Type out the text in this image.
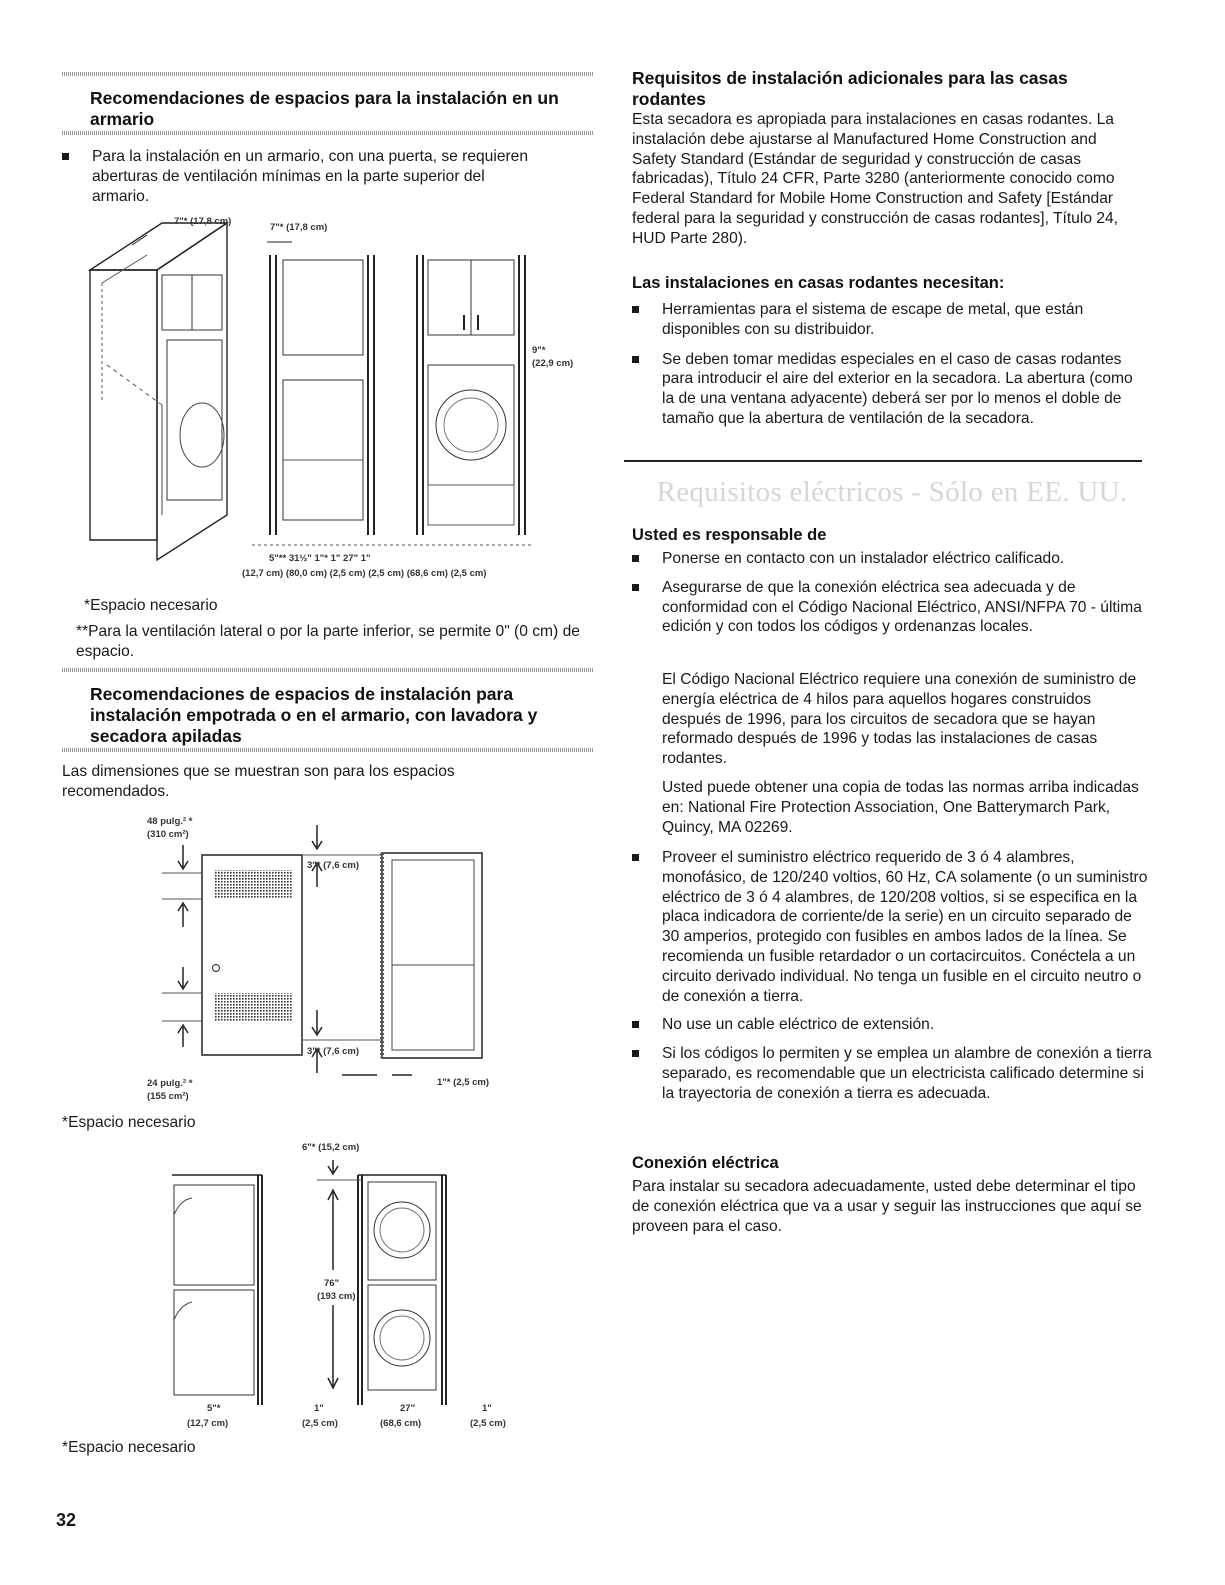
Recomendaciones de espacios para la instalación en un armario
Para la instalación en un armario, con una puerta, se requieren aberturas de ventilación mínimas en la parte superior del armario.
7"* (17,8 cm)
7"* (17,8 cm)
9"*
(22,9 cm)
5"** 31½" 1"* 1" 27" 1"
(12,7 cm) (80,0 cm) (2,5 cm) (2,5 cm) (68,6 cm) (2,5 cm)

*Espacio necesario

**Para la ventilación lateral o por la parte inferior, se permite 0" (0 cm) de espacio.

Recomendaciones de espacios de instalación para instalación empotrada o en el armario, con lavadora y secadora apiladas

Las dimensiones que se muestran son para los espacios recomendados.

48 pulg.² *
(310 cm²)
3"* (7,6 cm)
3"* (7,6 cm)
24 pulg.² *
(155 cm²)
1"* (2,5 cm)

*Espacio necesario

6"* (15,2 cm)
76"
(193 cm)
5"*
(12,7 cm)
1"
(2,5 cm)
27"
(68,6 cm)
1"
(2,5 cm)

*Espacio necesario

32
Requisitos de instalación adicionales para las casas rodantes

Esta secadora es apropiada para instalaciones en casas rodantes. La instalación debe ajustarse al Manufactured Home Construction and Safety Standard (Estándar de seguridad y construcción de casas fabricadas), Título 24 CFR, Parte 3280 (anteriormente conocido como Federal Standard for Mobile Home Construction and Safety [Estándar federal para la seguridad y construcción de casas rodantes], Título 24, HUD Parte 280).

Las instalaciones en casas rodantes necesitan:
Herramientas para el sistema de escape de metal, que están disponibles con su distribuidor.
Se deben tomar medidas especiales en el caso de casas rodantes para introducir el aire del exterior en la secadora. La abertura (como la de una ventana adyacente) deberá ser por lo menos el doble de tamaño que la abertura de ventilación de la secadora.
Requisitos eléctricos - Sólo en EE. UU.
Usted es responsable de
Ponerse en contacto con un instalador eléctrico calificado.
Asegurarse de que la conexión eléctrica sea adecuada y de conformidad con el Código Nacional Eléctrico, ANSI/NFPA 70 - última edición y con todos los códigos y ordenanzas locales.

El Código Nacional Eléctrico requiere una conexión de suministro de energía eléctrica de 4 hilos para aquellos hogares construidos después de 1996, para los circuitos de secadora que se hayan reformado después de 1996 y todas las instalaciones de casas rodantes.

Usted puede obtener una copia de todas las normas arriba indicadas en: National Fire Protection Association, One Batterymarch Park, Quincy, MA 02269.

Proveer el suministro eléctrico requerido de 3 ó 4 alambres, monofásico, de 120/240 voltios, 60 Hz, CA solamente (o un suministro eléctrico de 3 ó 4 alambres, de 120/208 voltios, si se especifica en la placa indicadora de corriente/de la serie) en un circuito separado de 30 amperios, protegido con fusibles en ambos lados de la línea. Se recomienda un fusible retardador o un cortacircuitos. Conéctela a un circuito derivado individual. No tenga un fusible en el circuito neutro o de conexión a tierra.
No use un cable eléctrico de extensión.
Si los códigos lo permiten y se emplea un alambre de conexión a tierra separado, es recomendable que un electricista calificado determine si la trayectoria de conexión a tierra es adecuada.
Conexión eléctrica

Para instalar su secadora adecuadamente, usted debe determinar el tipo de conexión eléctrica que va a usar y seguir las instrucciones que aquí se proveen para el caso.
